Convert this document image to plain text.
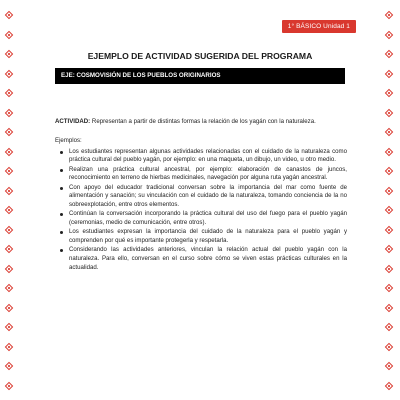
1° BÁSICO Unidad 1
EJEMPLO DE ACTIVIDAD SUGERIDA DEL PROGRAMA
EJE: COSMOVISIÓN DE LOS PUEBLOS ORIGINARIOS
ACTIVIDAD: Representan a partir de distintas formas la relación de los yagán con la naturaleza.
Ejemplos:
Los estudiantes representan algunas actividades relacionadas con el cuidado de la naturaleza como práctica cultural del pueblo yagán, por ejemplo: en una maqueta, un dibujo, un video, u otro medio.
Realizan una práctica cultural ancestral, por ejemplo: elaboración de canastos de juncos, reconocimiento en terreno de hierbas medicinales, navegación por alguna ruta yagán ancestral.
Con apoyo del educador tradicional conversan sobre la importancia del mar como fuente de alimentación y sanación; su vinculación con el cuidado de la naturaleza, tomando conciencia de la no sobreexplotación, entre otros elementos.
Continúan la conversación incorporando la práctica cultural del uso del fuego para el pueblo yagán (ceremonias, medio de comunicación, entre otros).
Los estudiantes expresan la importancia del cuidado de la naturaleza para el pueblo yagán y comprenden por qué es importante protegerla y respetarla.
Considerando las actividades anteriores, vinculan la relación actual del pueblo yagán con la naturaleza. Para ello, conversan en el curso sobre cómo se viven estas prácticas culturales en la actualidad.
